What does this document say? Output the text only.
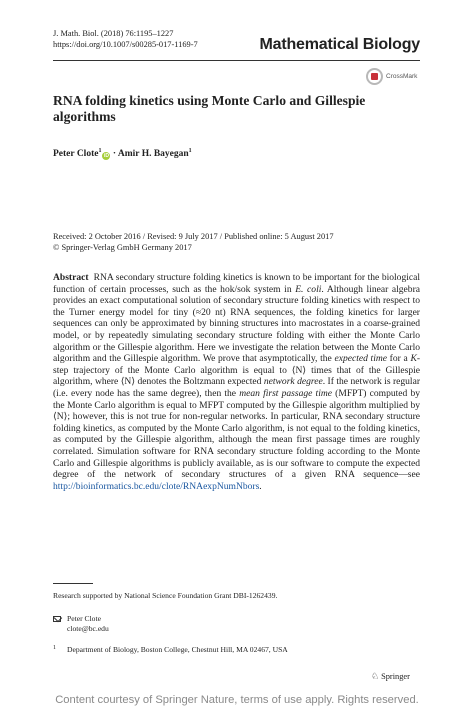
J. Math. Biol. (2018) 76:1195–1227
https://doi.org/10.1007/s00285-017-1169-7	Mathematical Biology
CrossMark
RNA folding kinetics using Monte Carlo and Gillespie algorithms
Peter Clote$^1$iD · Amir H. Bayegan$^1$
Received: 2 October 2016 / Revised: 9 July 2017 / Published online: 5 August 2017
© Springer-Verlag GmbH Germany 2017
Abstract RNA secondary structure folding kinetics is known to be important for the biological function of certain processes, such as the hok/sok system in E. coli. Although linear algebra provides an exact computational solution of secondary structure folding kinetics with respect to the Turner energy model for tiny (≈20 nt) RNA sequences, the folding kinetics for larger sequences can only be approximated by binning structures into macrostates in a coarse-grained model, or by repeatedly simulating secondary structure folding with either the Monte Carlo algorithm or the Gillespie algorithm. Here we investigate the relation between the Monte Carlo algorithm and the Gillespie algorithm. We prove that asymptotically, the expected time for a K-step trajectory of the Monte Carlo algorithm is equal to ⟨N⟩ times that of the Gillespie algorithm, where ⟨N⟩ denotes the Boltzmann expected network degree. If the network is regular (i.e. every node has the same degree), then the mean first passage time (MFPT) computed by the Monte Carlo algorithm is equal to MFPT computed by the Gillespie algorithm multiplied by ⟨N⟩; however, this is not true for non-regular networks. In particular, RNA secondary structure folding kinetics, as computed by the Monte Carlo algorithm, is not equal to the folding kinetics, as computed by the Gillespie algorithm, although the mean first passage times are roughly correlated. Simulation software for RNA secondary structure folding according to the Monte Carlo and Gillespie algorithms is publicly available, as is our software to compute the expected degree of the network of secondary structures of a given RNA sequence—see http://bioinformatics.bc.edu/clote/RNAexpNumNbors.
Research supported by National Science Foundation Grant DBI-1262439.
Peter Clote
clote@bc.edu
1 Department of Biology, Boston College, Chestnut Hill, MA 02467, USA
♘ Springer
Content courtesy of Springer Nature, terms of use apply. Rights reserved.
